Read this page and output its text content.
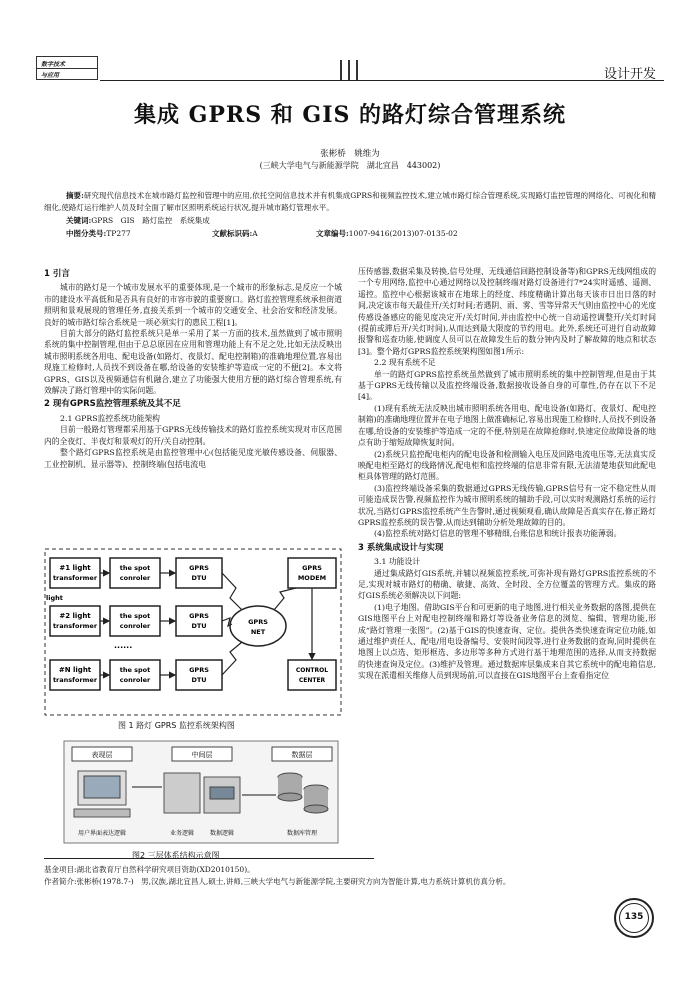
数字技术
与应用	设计开发
集成 GPRS 和 GIS 的路灯综合管理系统
张彬桥　姚维为
(三峡大学电气与新能源学院　湖北宜昌　443002)
摘要:研究现代信息技术在城市路灯监控和管理中的应用,依托空间信息技术并有机集成GPRS和视频监控技术,建立城市路灯综合管理系统,实现路灯监控管理的网络化、可视化和精细化,使路灯运行维护人员及时全面了解市区照明系统运行状况,提升城市路灯管理水平。
关键词:GPRS　GIS　路灯监控　系统集成
中图分类号:TP277	文献标识码:A	文章编号:1007-9416(2013)07-0135-02
1 引言

城市的路灯是一个城市发展水平的重要体现,是一个城市的形象标志,是反应一个城市的建设水平高低和是否具有良好的市容市貌的重要窗口。路灯监控管理系统承担街道照明和景观展现的管理任务,直接关系到一个城市的交通安全、社会治安和经济发展。良好的城市路灯综合系统是一项必须实行的惠民工程[1]。

目前大部分的路灯监控系统只是单一采用了某一方面的技术,虽然做到了城市照明系统的集中控制管理,但由于总总原因在应用和管理功能上有不足之处,比如无法反映出城市照明系统各用电、配电设备(如路灯、夜景灯、配电控制箱)的准确地理位置,容易出现施工检修时,人员找不到设备在哪,给设备的安装维护等造成一定的不便[2]。本文将GPRS、GIS以及视频通信有机融合,建立了功能强大使用方便的路灯综合管理系统,有效解决了路灯管理中的实际问题。

2 现有GPRS监控管理系统及其不足
2.1 GPRS监控系统功能架构

目前一般路灯管理都采用基于GPRS无线传输技术的路灯监控系统实现对市区范围内的全夜灯、半夜灯和景观灯的开/关自动控制。

整个路灯GPRS监控系统是由监控管理中心(包括能见度光敏传感设备、伺服器、工业控制机、显示器等)、控制终端(包括电流电

#1 light
transformer
light
#2 light
transformer
......
#N light
transformer
the spot
conroler
the spot
conroler
the spot
conroler
GPRS
DTU
GPRS
DTU
GPRS
DTU
GPRS
NET
GPRS
MODEM
CONTROL
CENTER
图 1 路灯 GPRS 监控系统架构图
表现层
用户界面表达逻辑
中间层
业务逻辑	数据逻辑
数据层
数据库管理
图2 三层体系结构示意图

压传感器,数据采集及转换,信号处理、无线通信回路控制设备等)和GPRS无线网组成的一个专用网络,监控中心通过网络以及控制终端对路灯设备进行7*24实时遥感、遥测、遥控。监控中心根据该城市在地球上的经度、纬度精确计算出每天该市日出日落的时间,决定该市每天最佳开/关灯时间;若遇阴、雨、雾、雪等异常天气则由监控中心的光度传感设备感应的能见度决定开/关灯时间,并由监控中心统一自动遥控调整开/关灯时间(提前或滞后开/关灯时间),从而达到最大限度的节约用电。此外,系统还可进行自动故障报警和巡查功能,使调度人员可以在故障发生后的数分钟内及时了解故障的地点和状态[3]。整个路灯GPRS监控系统架构图如图1所示:

2.2 现有系统不足

单一的路灯GPRS监控系统虽然做到了城市照明系统的集中控制管理,但是由于其基于GPRS无线传输以及监控终端设备,数据接收设备自身的可靠性,仍存在以下不足[4]。

(1)现有系统无法反映出城市照明系统各用电、配电设备(如路灯、夜景灯、配电控制箱)的准确地理位置并在电子地图上做准确标记,容易出现施工检修时,人员找不到设备在哪,给设备的安装维护等造成一定的不便,特别是在故障抢修时,快速定位故障设备的地点有助于缩短故障恢复时间。

(2)系统只监控配电柜内的配电设备和检测输入电压及回路电流电压等,无法真实反映配电柜至路灯的线路情况,配电柜和监控终端的信息非常有限,无法清楚地获知此配电柜具体管理的路灯范围。

(3)监控终端设备采集的数据通过GPRS无线传输,GPRS信号有一定不稳定性从而可能造成误告警,视频监控作为城市照明系统的辅助手段,可以实时观测路灯系统的运行状况,当路灯GPRS监控系统产生告警时,通过视频观看,确认故障是否真实存在,修正路灯GPRS监控系统的误告警,从而达到辅助分析处理故障的目的。

(4)监控系统对路灯信息的管理不够精细,台账信息和统计报表功能薄弱。

3 系统集成设计与实现
3.1 功能设计

通过集成路灯GIS系统,并辅以视频监控系统,可弥补现有路灯GPRS监控系统的不足,实现对城市路灯的精确、敏捷、高效、全时段、全方位覆盖的管理方式。集成的路灯GIS系统必须解决以下问题:

(1)电子地图。借助GIS平台和可更新的电子地图,进行相关业务数据的落图,提供在GIS地图平台上对配电控制终端和路灯等设备业务信息的浏览、编辑、管理功能,形成“路灯管理一张图”。(2)基于GIS的快速查询、定位。提供各类快速查询定位功能,如通过维护责任人、配电/用电设备编号、安装时间段等,进行业务数据的查询,同时提供在地图上以点选、矩形框选、多边形等多种方式进行基于地理范围的选择,从而支持数据的快速查询及定位。(3)维护及管理。通过数据库层集成来自其它系统中的配电箱信息,实现在派遣相关维修人员到现场前,可以直接在GIS地图平台上查看指定位

基金项目:湖北省教育厅自然科学研究项目资助(XD2010150)。
作者简介:张彬桥(1978.7-)　男,汉族,湖北宜昌人,硕士,讲师,三峡大学电气与新能源学院,主要研究方向为智能计算,电力系统计算机仿真分析。
135
